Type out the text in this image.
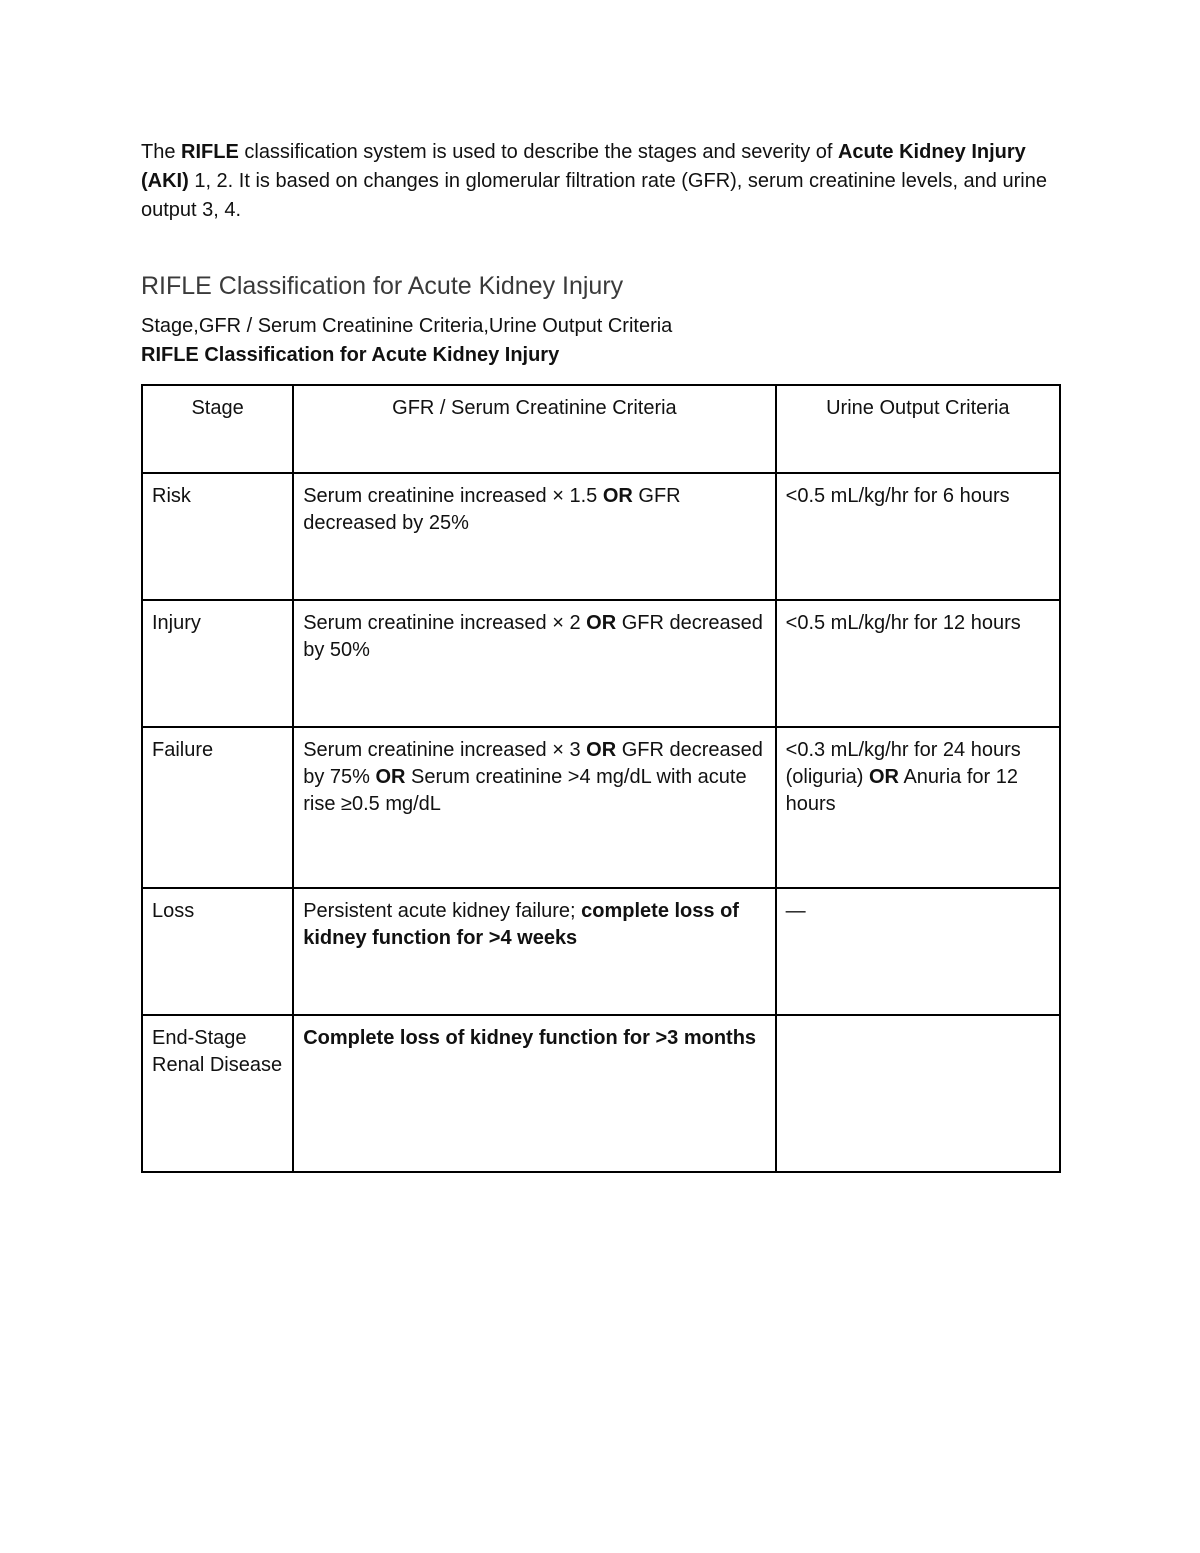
The RIFLE classification system is used to describe the stages and severity of Acute Kidney Injury (AKI) 1, 2. It is based on changes in glomerular filtration rate (GFR), serum creatinine levels, and urine output 3, 4.

RIFLE Classification for Acute Kidney Injury

Stage,GFR / Serum Creatinine Criteria,Urine Output Criteria

RIFLE Classification for Acute Kidney Injury

Stage	GFR / Serum Creatinine Criteria	Urine Output Criteria
Risk	Serum creatinine increased × 1.5 OR GFR decreased by 25%	<0.5 mL/kg/hr for 6 hours
Injury	Serum creatinine increased × 2 OR GFR decreased by 50%	<0.5 mL/kg/hr for 12 hours
Failure	Serum creatinine increased × 3 OR GFR decreased by 75% OR Serum creatinine >4 mg/dL with acute rise ≥0.5 mg/dL	<0.3 mL/kg/hr for 24 hours (oliguria) OR Anuria for 12 hours
Loss	Persistent acute kidney failure; complete loss of kidney function for >4 weeks	—
End-Stage Renal Disease	Complete loss of kidney function for >3 months	
